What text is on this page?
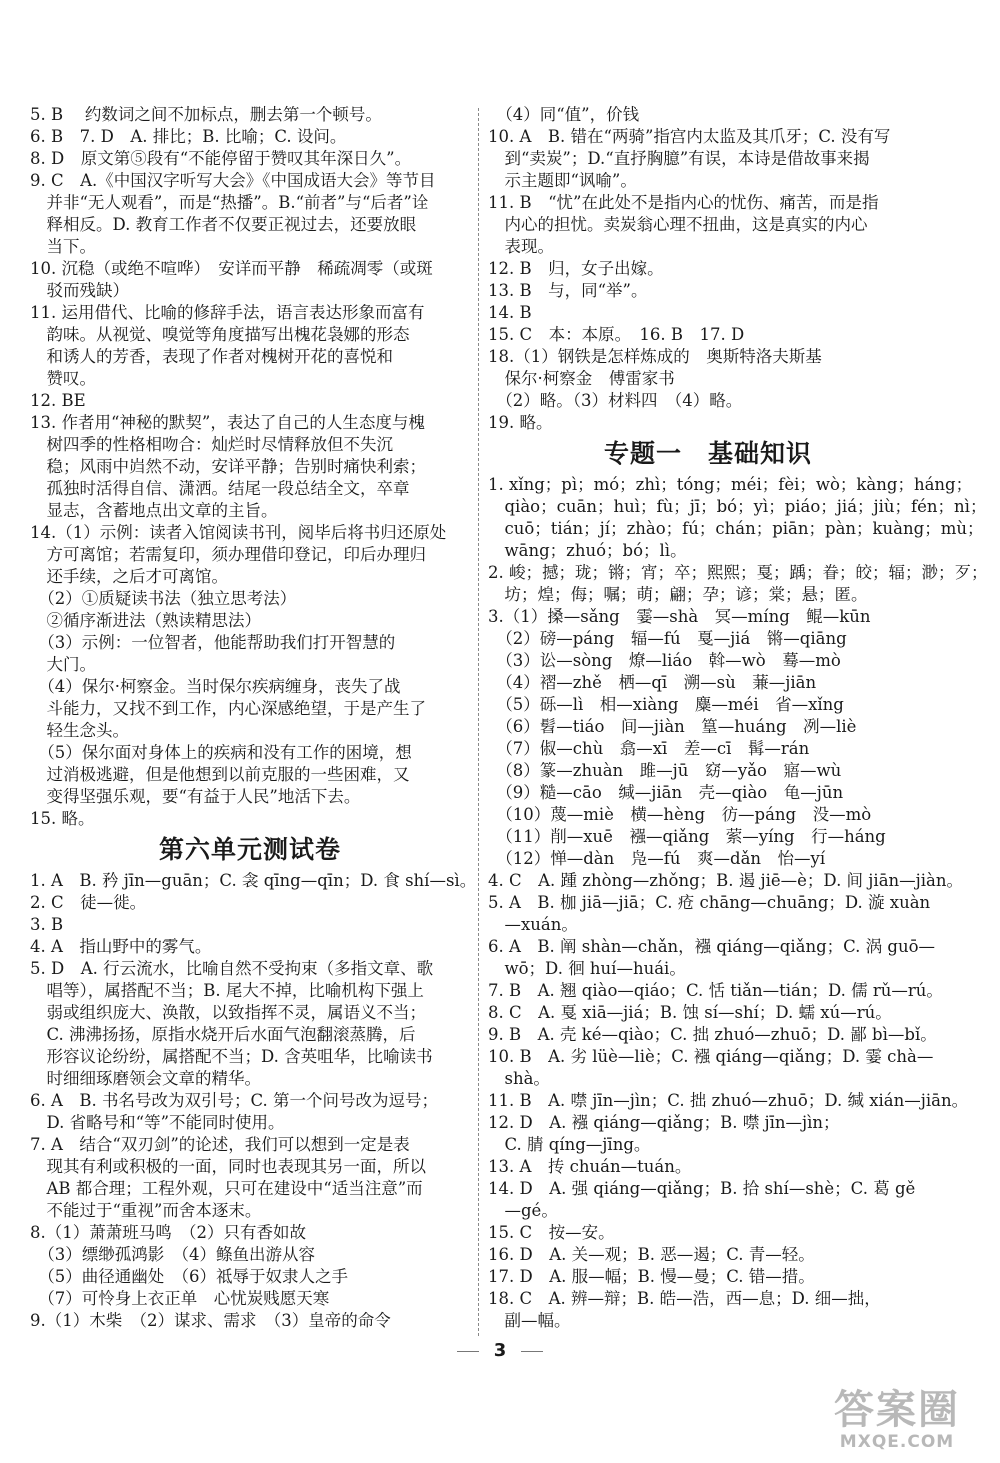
5. B　 约数词之间不加标点，删去第一个顿号。
6. B　7. D　A. 排比；B. 比喻；C. 设问。
8. D　原文第⑤段有“不能停留于赞叹其年深日久”。
9. C　A.《中国汉字听写大会》《中国成语大会》等节目
　并非“无人观看”，而是“热播”。B.“前者”与“后者”诠
　释相反。D. 教育工作者不仅要正视过去，还要放眼
　当下。
10. 沉稳（或绝不喧哗）　安详而平静　稀疏凋零（或斑
　驳而残缺）
11. 运用借代、比喻的修辞手法，语言表达形象而富有
　韵味。从视觉、嗅觉等角度描写出槐花袅娜的形态
　和诱人的芳香，表现了作者对槐树开花的喜悦和
　赞叹。
12. BE
13. 作者用“神秘的默契”，表达了自己的人生态度与槐
　树四季的性格相吻合：灿烂时尽情释放但不失沉
　稳；风雨中岿然不动，安详平静；告别时痛快利索；
　孤独时活得自信、潇洒。结尾一段总结全文，卒章
　显志，含蓄地点出文章的主旨。
14.（1）示例：读者入馆阅读书刊，阅毕后将书归还原处
　方可离馆；若需复印，须办理借印登记，印后办理归
　还手续，之后才可离馆。
　（2）①质疑读书法（独立思考法）
　②循序渐进法（熟读精思法）
　（3）示例：一位智者，他能帮助我们打开智慧的
　大门。
　（4）保尔·柯察金。当时保尔疾病缠身，丧失了战
　斗能力，又找不到工作，内心深感绝望，于是产生了
　轻生念头。
　（5）保尔面对身体上的疾病和没有工作的困境，想
　过消极逃避，但是他想到以前克服的一些困难，又
　变得坚强乐观，要“有益于人民”地活下去。
15. 略。
第六单元测试卷
1. A　B. 矜 jīn—guān；C. 衾 qīng—qīn；D. 食 shí—sì。
2. C　徒—徙。
3. B
4. A　指山野中的雾气。
5. D　A. 行云流水，比喻自然不受拘束（多指文章、歌
　唱等），属搭配不当；B. 尾大不掉，比喻机构下强上
　弱或组织庞大、涣散，以致指挥不灵，属语义不当；
　C. 沸沸扬扬，原指水烧开后水面气泡翻滚蒸腾，后
　形容议论纷纷，属搭配不当；D. 含英咀华，比喻读书
　时细细琢磨领会文章的精华。
6. A　B. 书名号改为双引号；C. 第一个问号改为逗号；
　D. 省略号和“等”不能同时使用。
7. A　结合“双刃剑”的论述，我们可以想到一定是表
　现其有利或积极的一面，同时也表现其另一面，所以
　AB 都合理；工程外观，只可在建设中“适当注意”而
　不能过于“重视”而舍本逐末。
8.（1）萧萧班马鸣　（2）只有香如故
　（3）缥缈孤鸿影　（4）鲦鱼出游从容
　（5）曲径通幽处　（6）祗辱于奴隶人之手
　（7）可怜身上衣正单　心忧炭贱愿天寒
9.（1）木柴　（2）谋求、需求　（3）皇帝的命令
　（4）同“值”，价钱
10. A　B. 错在“两骑”指宫内太监及其爪牙；C. 没有写
　到“卖炭”；D.“直抒胸臆”有误，本诗是借故事来揭
　示主题即“讽喻”。
11. B　“忧”在此处不是指内心的忧伤、痛苦，而是指
　内心的担忧。卖炭翁心理不扭曲，这是真实的内心
　表现。
12. B　归，女子出嫁。
13. B　与，同“举”。
14. B
15. C　本：本原。　16. B　17. D
18.（1）钢铁是怎样炼成的　奥斯特洛夫斯基
　保尔·柯察金　傅雷家书
　（2）略。（3）材料四　（4）略。
19. 略。
专题一　基础知识
1. xǐng；pì；mó；zhì；tóng；méi；fèi；wò；kàng；háng；
　qiào；cuān；huì；fù；jī；bó；yì；piáo；jiá；jiù；fén；nì；
　cuō；tián；jí；zhào；fú；chán；piān；pàn；kuàng；mù；
　wāng；zhuó；bó；lì。
2. 峻；撼；珑；锵；宵；卒；熙熙；戛；踽；眷；皎；辐；渺；歹；
　坊；煌；侮；嘱；萌；翩；孕；谚；棠；悬；匿。
3.（1）搡—sǎng　霎—shà　冥—míng　鲲—kūn
　（2）磅—páng　辐—fú　戛—jiá　锵—qiāng
　（3）讼—sòng　燎—liáo　斡—wò　蓦—mò
　（4）褶—zhě　栖—qī　溯—sù　蒹—jiān
　（5）砾—lì　相—xiàng　麋—méi　省—xǐng
　（6）髫—tiáo　间—jiàn　篁—huáng　冽—liè
　（7）俶—chù　翕—xī　差—cī　髯—rán
　（8）篆—zhuàn　雎—jū　窈—yǎo　寤—wù
　（9）糙—cāo　缄—jiān　壳—qiào　龟—jūn
　（10）蔑—miè　横—hèng　彷—páng　没—mò
　（11）削—xuē　襁—qiǎng　萦—yíng　行—háng
　（12）惮—dàn　凫—fú　爽—dǎn　怡—yí
4. C　A. 踵 zhòng—zhǒng；B. 遏 jiē—è；D. 间 jiān—jiàn。
5. A　B. 枷 jiā—jiā；C. 疮 chāng—chuāng；D. 漩 xuàn
　—xuán。
6. A　B. 阐 shàn—chǎn，襁 qiáng—qiǎng；C. 涡 guō—
　wō；D. 徊 huí—huái。
7. B　A. 翘 qiào—qiáo；C. 恬 tiǎn—tián；D. 儒 rǔ—rú。
8. C　A. 戛 xiā—jiá；B. 蚀 sí—shí；D. 蠕 xú—rú。
9. B　A. 壳 ké—qiào；C. 拙 zhuó—zhuō；D. 鄙 bì—bǐ。
10. B　A. 劣 lüè—liè；C. 襁 qiáng—qiǎng；D. 霎 chà—
　shà。
11. B　A. 噤 jīn—jìn；C. 拙 zhuó—zhuō；D. 缄 xián—jiān。
12. D　A. 襁 qiáng—qiǎng；B. 噤 jīn—jìn；
　C. 腈 qíng—jīng。
13. A　抟 chuán—tuán。
14. D　A. 强 qiáng—qiǎng；B. 拾 shí—shè；C. 葛 gě
　—gé。
15. C　按—安。
16. D　A. 关—观；B. 恶—遏；C. 青—轻。
17. D　A. 服—幅；B. 慢—曼；C. 错—措。
18. C　A. 辨—辩；B. 皓—浩，西—息；D. 细—拙，
　副—幅。
3
答案圈
MXQE.COM
